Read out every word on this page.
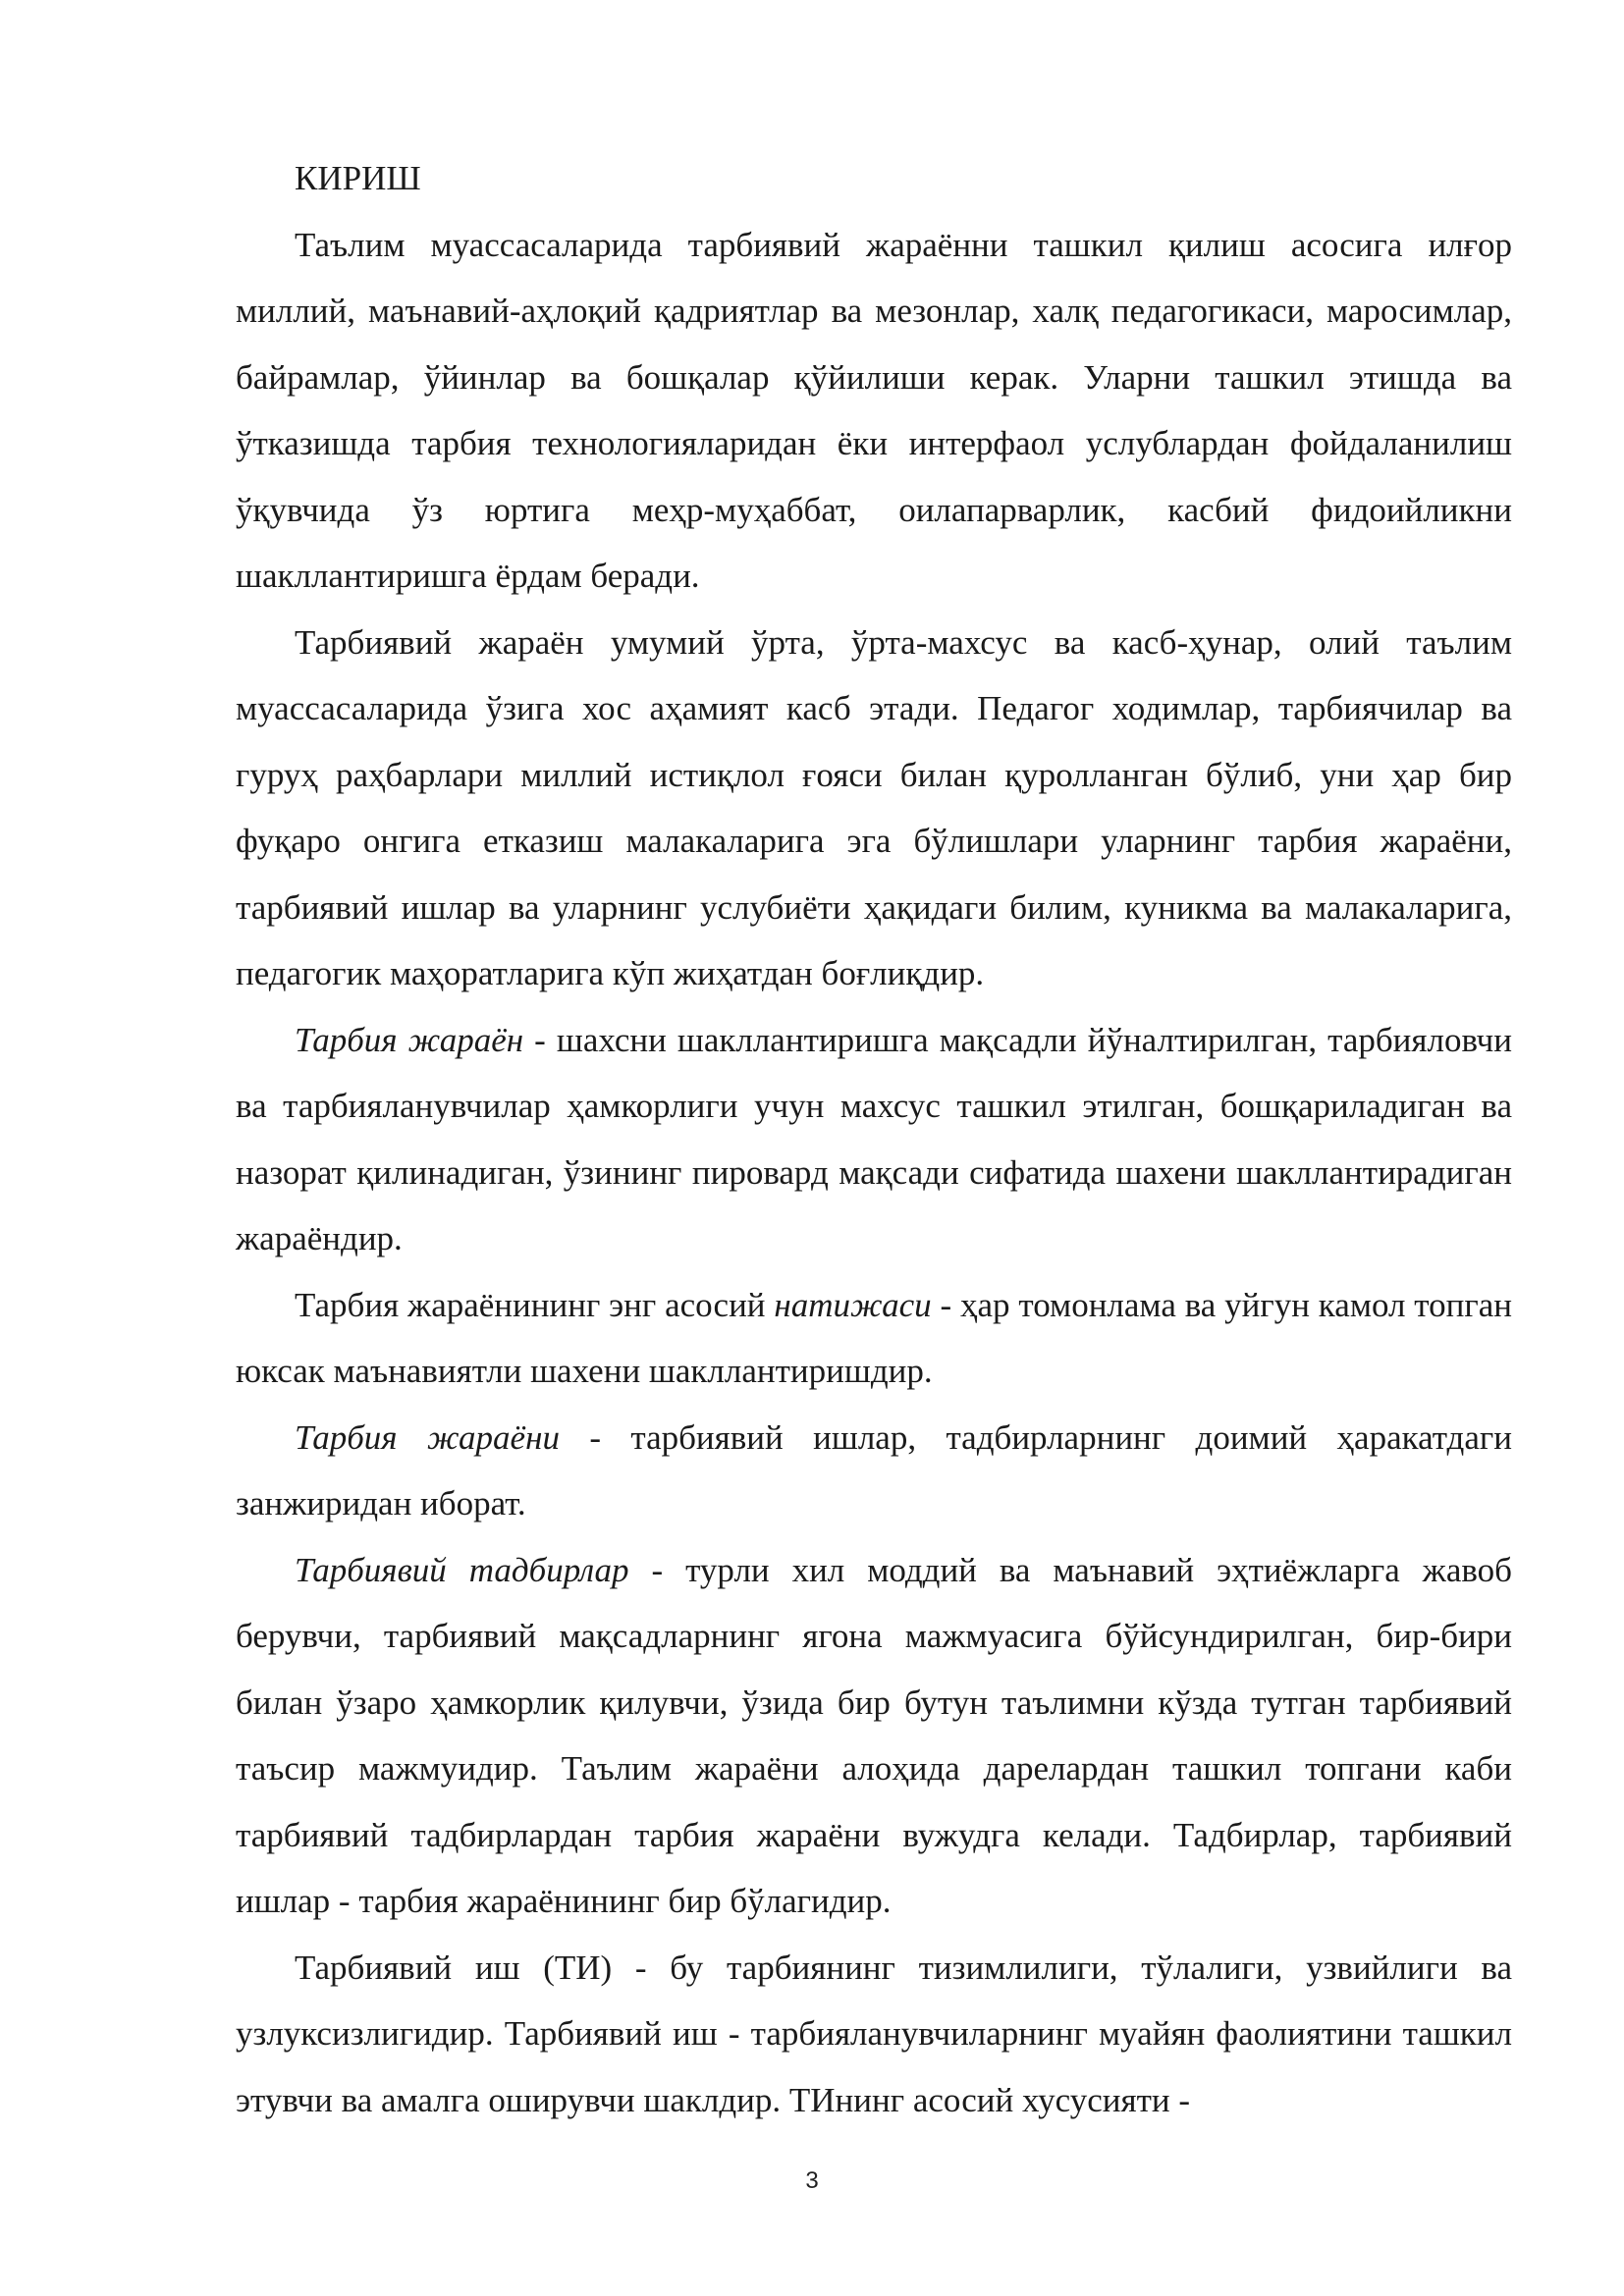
КИРИШ

Таълим муассасаларида тарбиявий жараённи ташкил қилиш асосига илғор миллий, маънавий-аҳлоқий қадриятлар ва мезонлар, халқ педагогикаси, маросимлар, байрамлар, ўйинлар ва бошқалар қўйилиши керак. Уларни ташкил этишда ва ўтказишда тарбия технологияларидан ёки интерфаол услублардан фойдаланилиш ўқувчида ўз юртига меҳр-муҳаббат, оилапарварлик, касбий фидоийликни шакллантиришга ёрдам беради.

Тарбиявий жараён умумий ўрта, ўрта-махсус ва касб-ҳунар, олий таълим муассасаларида ўзига хос аҳамият касб этади. Педагог ходимлар, тарбиячилар ва гуруҳ раҳбарлари миллий истиқлол ғояси билан қуролланган бўлиб, уни ҳар бир фуқаро онгига етказиш малакаларига эга бўлишлари уларнинг тарбия жараёни, тарбиявий ишлар ва уларнинг услубиёти ҳақидаги билим, куникма ва малакаларига, педагогик маҳоратларига кўп жиҳатдан боғлиқдир.

Тарбия жараён - шахсни шакллантиришга мақсадли йўналтирилган, тарбияловчи ва тарбияланувчилар ҳамкорлиги учун махсус ташкил этилган, бошқариладиган ва назорат қилинадиган, ўзининг пировард мақсади сифатида шахени шакллантирадиган жараёндир.

Тарбия жараёнининг энг асосий натижаси - ҳар томонлама ва уйгун камол топган юксак маънавиятли шахени шакллантиришдир.

Тарбия жараёни - тарбиявий ишлар, тадбирларнинг доимий ҳаракатдаги занжиридан иборат.

Тарбиявий тадбирлар - турли хил моддий ва маънавий эҳтиёжларга жавоб берувчи, тарбиявий мақсадларнинг ягона мажмуасига бўйсундирилган, бир-бири билан ўзаро ҳамкорлик қилувчи, ўзида бир бутун таълимни кўзда тутган тарбиявий таъсир мажмуидир. Таълим жараёни алоҳида дарелардан ташкил топгани каби тарбиявий тадбирлардан тарбия жараёни вужудга келади. Тадбирлар, тарбиявий ишлар - тарбия жараёнининг бир бўлагидир.

Тарбиявий иш (ТИ) - бу тарбиянинг тизимлилиги, тўлалиги, узвийлиги ва узлуксизлигидир. Тарбиявий иш - тарбияланувчиларнинг муайян фаолиятини ташкил этувчи ва амалга оширувчи шаклдир. ТИнинг асосий хусусияти -

3
